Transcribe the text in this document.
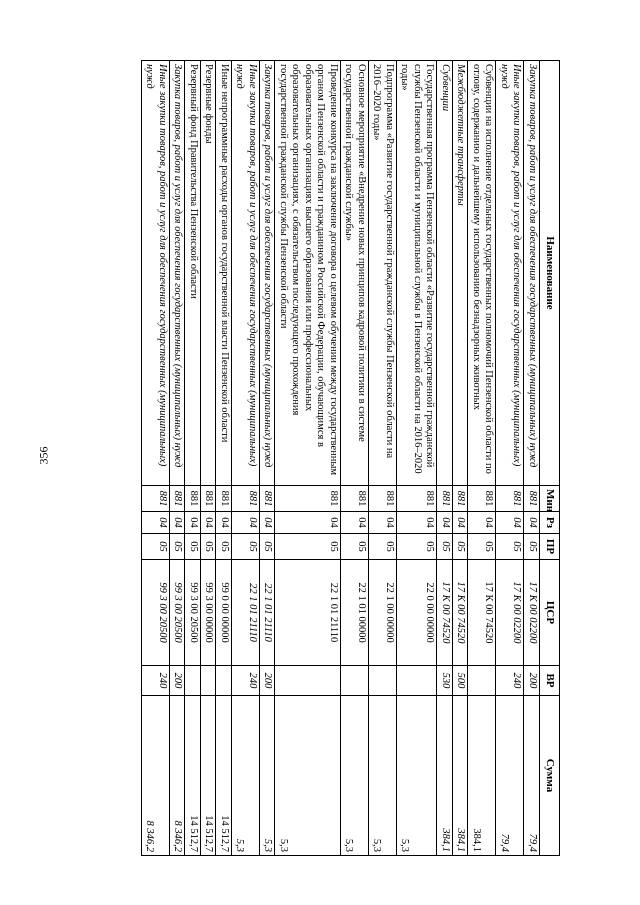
356
Наименование	Мин	Рз	ПР	ЦСР	ВР	Сумма
Закупка товаров, работ и услуг для обеспечения государственных (муниципальных) нужд	881	04	05	17 К 00 02200	200	79,4
Иные закупки товаров, работ и услуг для обеспечения государственных (муниципальных) нужд	881	04	05	17 К 00 02200	240	79,4
Субвенции на исполнение отдельных государственных полномочий Пензенской области по отлову, содержанию и дальнейшему использованию безнадзорных животных	881	04	05	17 К 00 74520		384,1
Межбюджетные трансферты	881	04	05	17 К 00 74520	500	384,1
Субвенции	881	04	05	17 К 00 74520	530	384,1
Государственная программа Пензенской области «Развитие государственной гражданской службы Пензенской области и муниципальной службы в Пензенской области на 2016–2020 годы»	881	04	05	22 0 00 00000		5,3
Подпрограмма «Развитие государственной гражданской службы Пензенской области на 2016–2020 годы»	881	04	05	22 1 00 00000		5,3
Основное мероприятие «Внедрение новых принципов кадровой политики в системе государственной гражданской службы»	881	04	05	22 1 01 00000		5,3
Проведение конкурса на заключение договора о целевом обучении между государственным органом Пензенской области и гражданином Российской Федерации, обучающимся в образовательных организациях высшего образования или профессиональных образовательных организациях, с обязательством последующего прохождения государственной гражданской службы Пензенской области	881	04	05	22 1 01 21110		5,3
Закупка товаров, работ и услуг для обеспечения государственных (муниципальных) нужд	881	04	05	22 1 01 21110	200	5,3
Иные закупки товаров, работ и услуг для обеспечения государственных (муниципальных) нужд	881	04	05	22 1 01 21110	240	5,3
Иные непрограммные расходы органов государственной власти Пензенской области	881	04	05	99 0 00 00000		14 512,7
Резервные фонды	881	04	05	99 3 00 00000		14 512,7
Резервный фонд Правительства Пензенской области	881	04	05	99 3 00 20500		14 512,7
Закупка товаров, работ и услуг для обеспечения государственных (муниципальных) нужд	881	04	05	99 3 00 20500	200	8 346,2
Иные закупки товаров, работ и услуг для обеспечения государственных (муниципальных) нужд	881	04	05	99 3 00 20500	240	8 346,2
